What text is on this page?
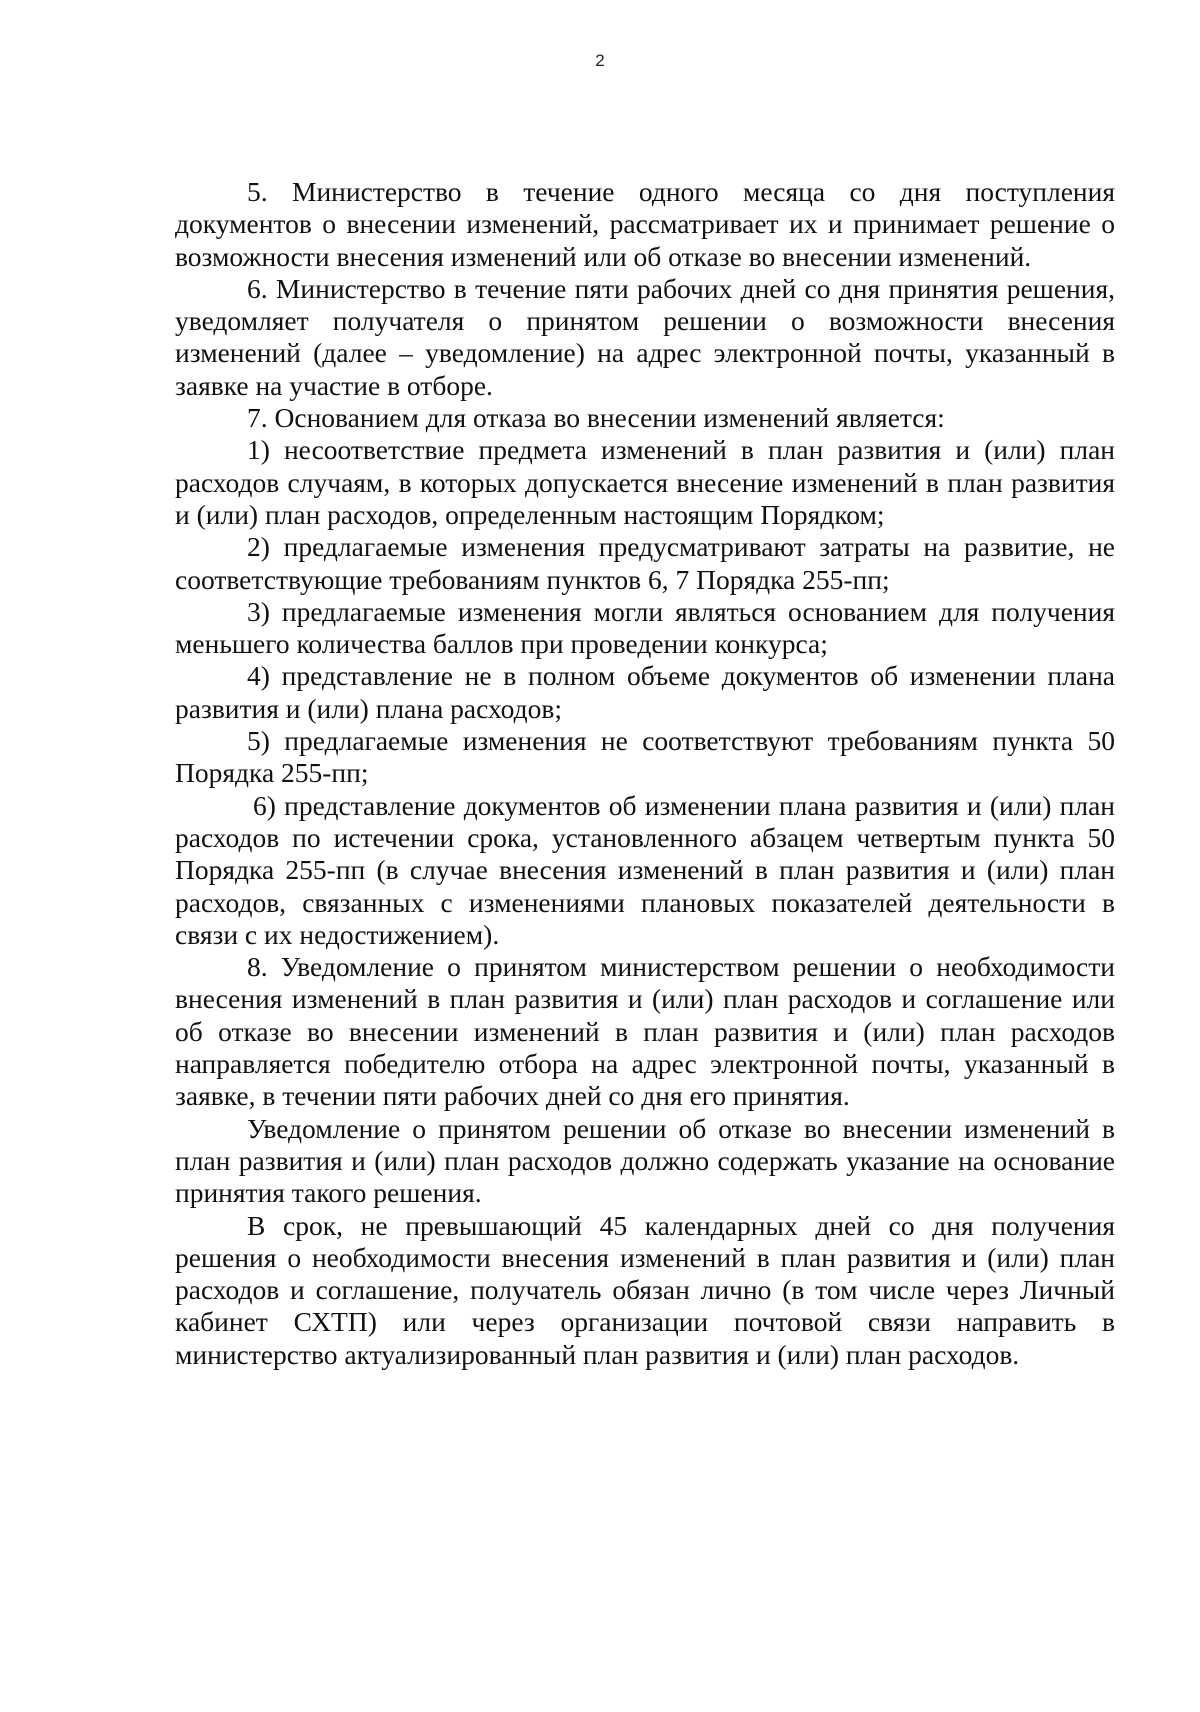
2

5. Министерство в течение одного месяца со дня поступления документов о внесении изменений, рассматривает их и принимает решение о возможности внесения изменений или об отказе во внесении изменений.

6. Министерство в течение пяти рабочих дней со дня принятия решения, уведомляет получателя о принятом решении о возможности внесения изменений (далее – уведомление) на адрес электронной почты, указанный в заявке на участие в отборе.

7. Основанием для отказа во внесении изменений является:

1) несоответствие предмета изменений в план развития и (или) план расходов случаям, в которых допускается внесение изменений в план развития и (или) план расходов, определенным настоящим Порядком;

2) предлагаемые изменения предусматривают затраты на развитие, не соответствующие требованиям пунктов 6, 7 Порядка 255-пп;

3) предлагаемые изменения могли являться основанием для получения меньшего количества баллов при проведении конкурса;

4) представление не в полном объеме документов об изменении плана развития и (или) плана расходов;

5) предлагаемые изменения не соответствуют требованиям пункта 50 Порядка 255-пп;

6) представление документов об изменении плана развития и (или) план расходов по истечении срока, установленного абзацем четвертым пункта 50 Порядка 255-пп (в случае внесения изменений в план развития и (или) план расходов, связанных с изменениями плановых показателей деятельности в связи с их недостижением).

8. Уведомление о принятом министерством решении о необходимости внесения изменений в план развития и (или) план расходов и соглашение или об отказе во внесении изменений в план развития и (или) план расходов направляется победителю отбора на адрес электронной почты, указанный в заявке, в течении пяти рабочих дней со дня его принятия.

Уведомление о принятом решении об отказе во внесении изменений в план развития и (или) план расходов должно содержать указание на основание принятия такого решения.

В срок, не превышающий 45 календарных дней со дня получения решения о необходимости внесения изменений в план развития и (или) план расходов и соглашение, получатель обязан лично (в том числе через Личный кабинет СХТП) или через организации почтовой связи направить в министерство актуализированный план развития и (или) план расходов.
